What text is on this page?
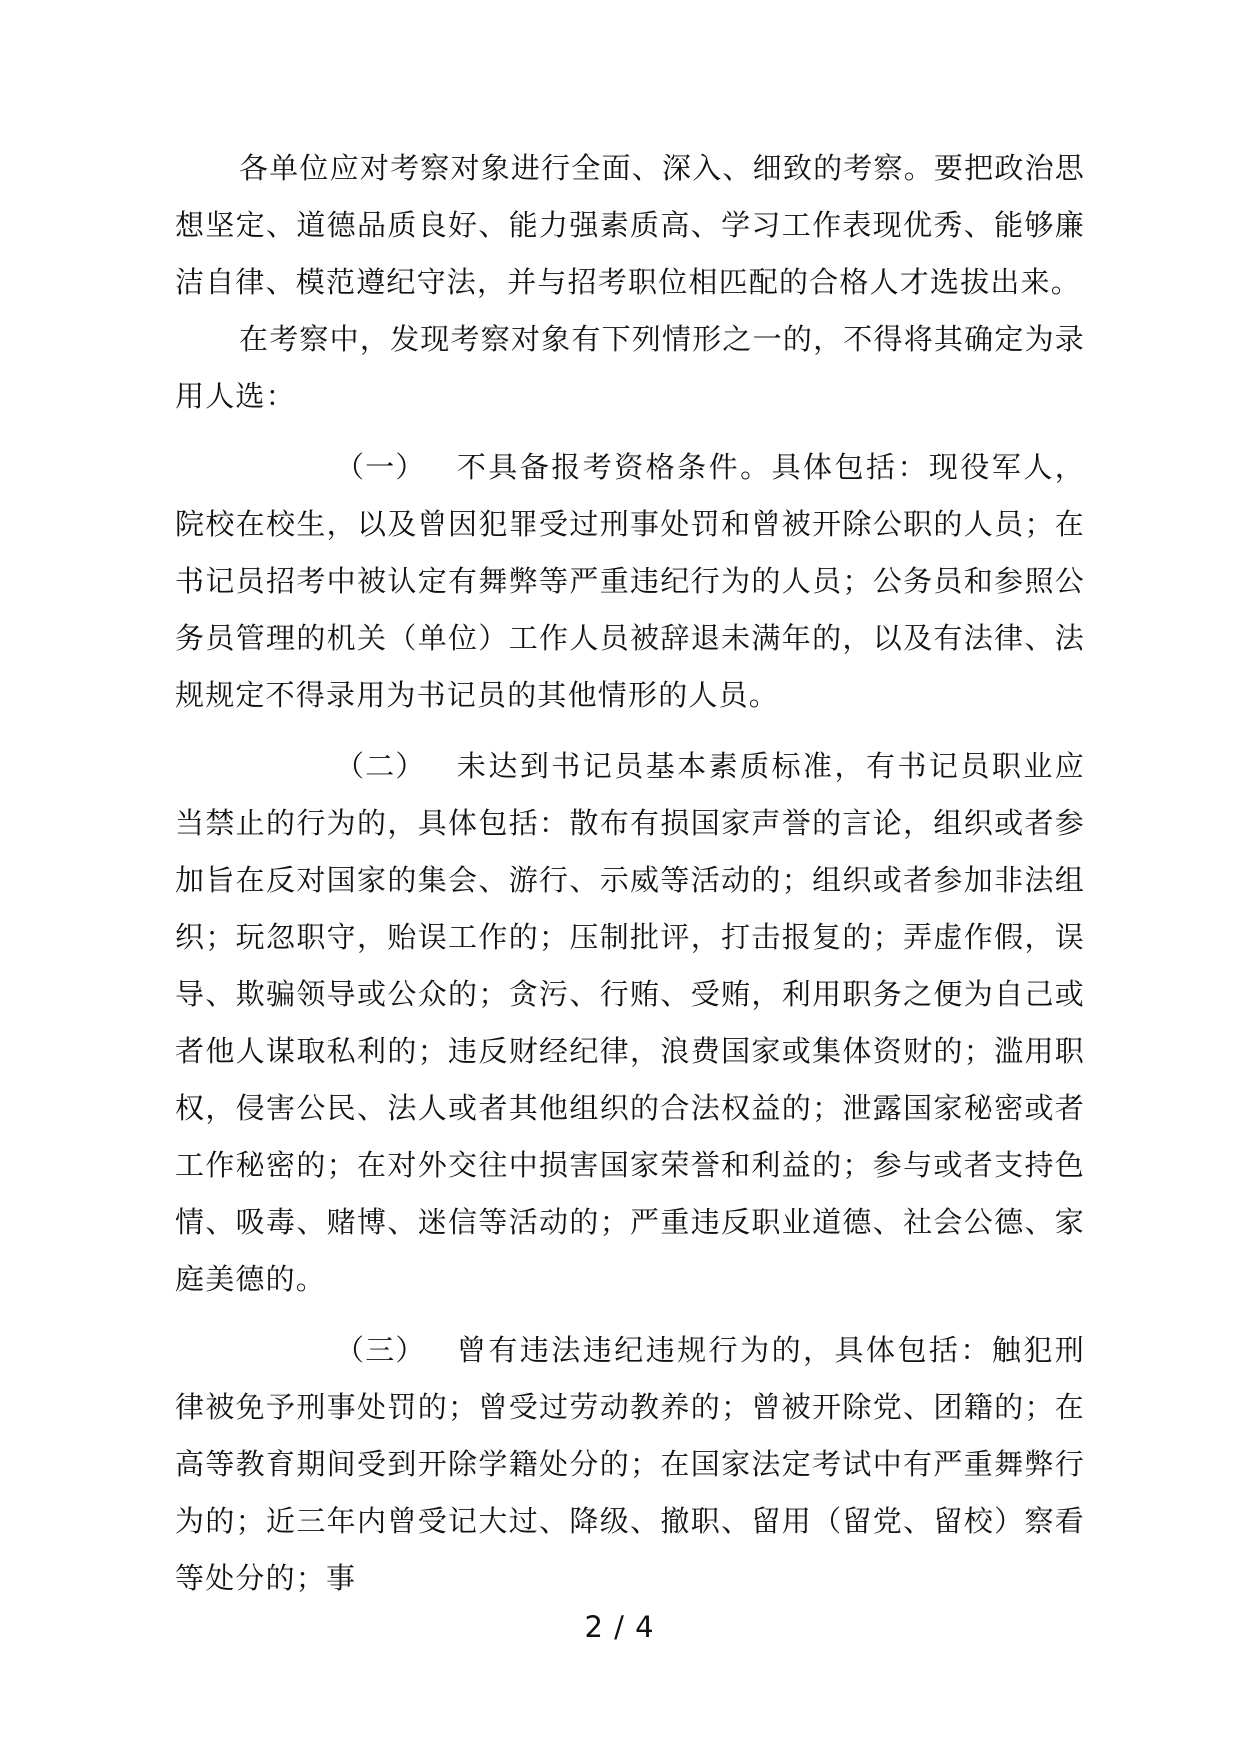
各单位应对考察对象进行全面、深入、细致的考察。要把政治思想坚定、道德品质良好、能力强素质高、学习工作表现优秀、能够廉洁自律、模范遵纪守法，并与招考职位相匹配的合格人才选拔出来。

在考察中，发现考察对象有下列情形之一的，不得将其确定为录用人选：

（一） 不具备报考资格条件。具体包括：现役军人，院校在校生，以及曾因犯罪受过刑事处罚和曾被开除公职的人员；在书记员招考中被认定有舞弊等严重违纪行为的人员；公务员和参照公务员管理的机关（单位）工作人员被辞退未满年的，以及有法律、法规规定不得录用为书记员的其他情形的人员。

（二） 未达到书记员基本素质标准，有书记员职业应当禁止的行为的，具体包括：散布有损国家声誉的言论，组织或者参加旨在反对国家的集会、游行、示威等活动的；组织或者参加非法组织；玩忽职守，贻误工作的；压制批评，打击报复的；弄虚作假，误导、欺骗领导或公众的；贪污、行贿、受贿，利用职务之便为自己或者他人谋取私利的；违反财经纪律，浪费国家或集体资财的；滥用职权，侵害公民、法人或者其他组织的合法权益的；泄露国家秘密或者工作秘密的；在对外交往中损害国家荣誉和利益的；参与或者支持色情、吸毒、赌博、迷信等活动的；严重违反职业道德、社会公德、家庭美德的。

（三） 曾有违法违纪违规行为的，具体包括：触犯刑律被免予刑事处罚的；曾受过劳动教养的；曾被开除党、团籍的；在高等教育期间受到开除学籍处分的；在国家法定考试中有严重舞弊行为的；近三年内曾受记大过、降级、撤职、留用（留党、留校）察看等处分的；事

2 / 4
